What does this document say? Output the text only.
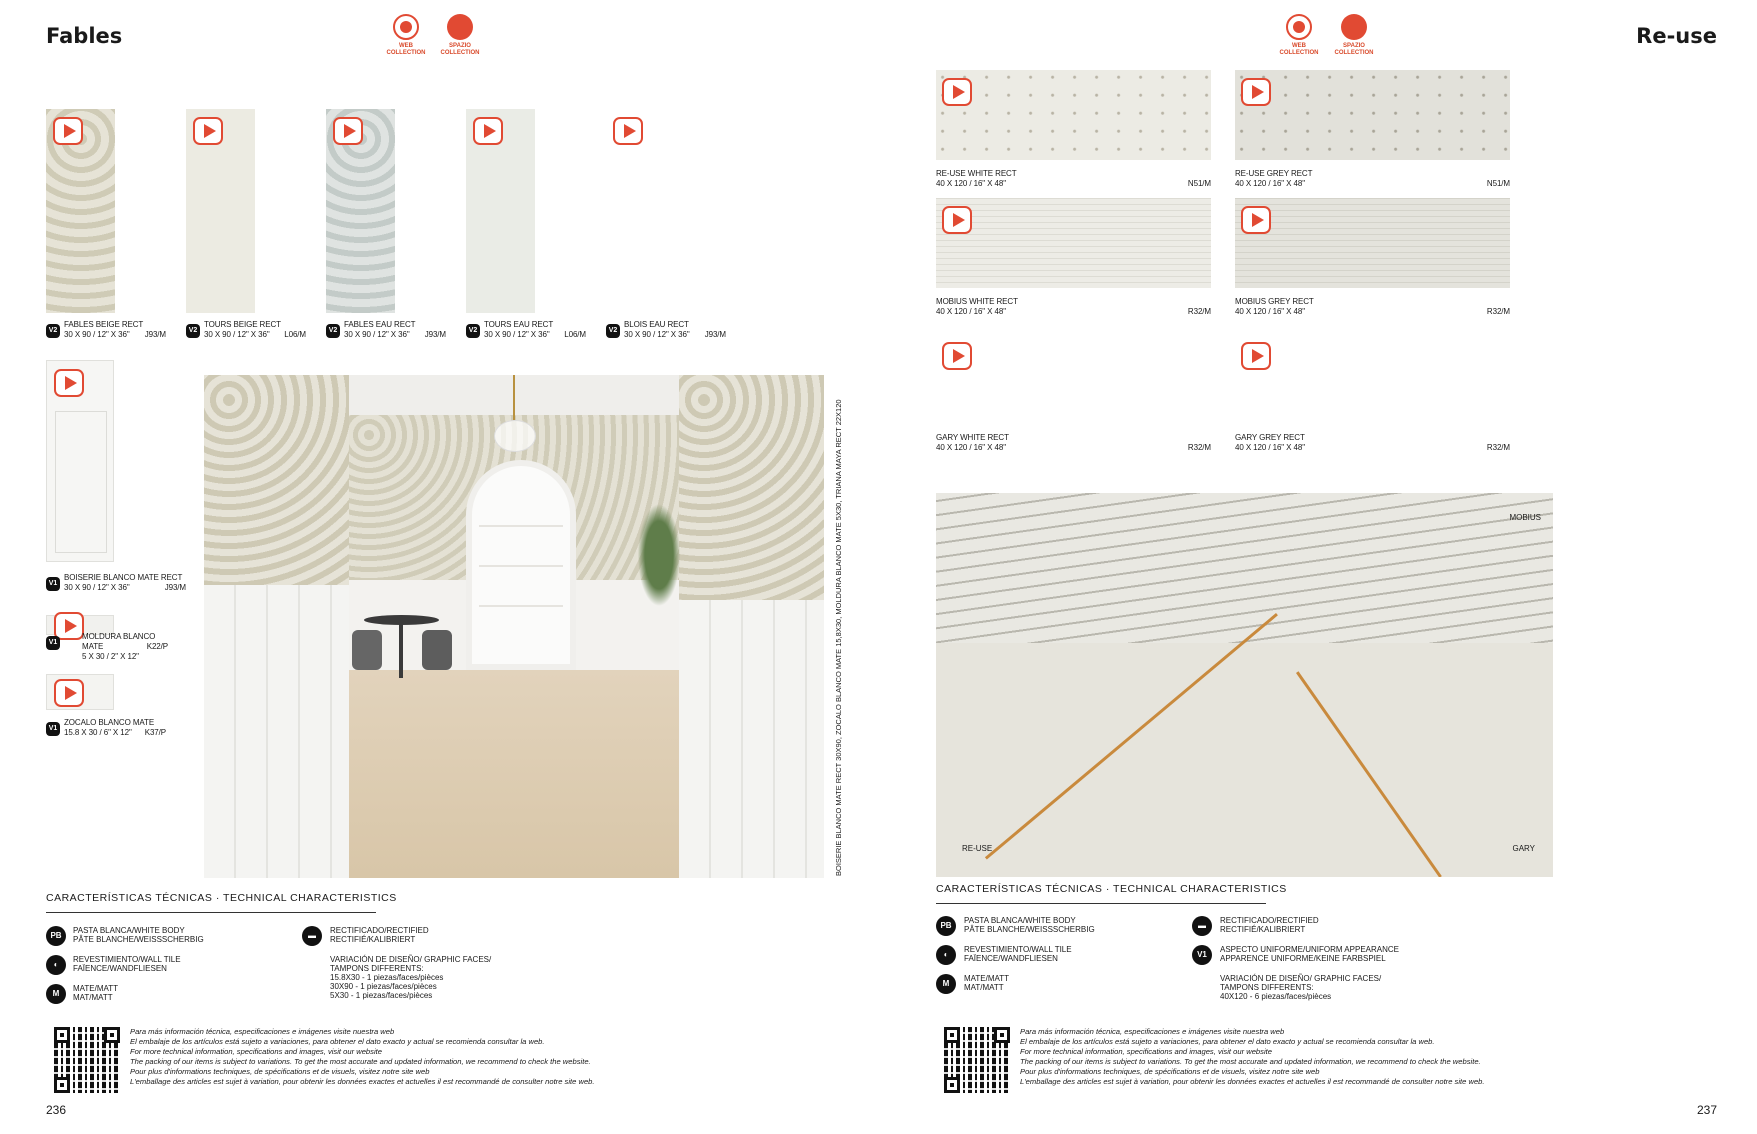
Fables	WEB COLLECTION
SPAZIO COLLECTION
V2
FABLES BEIGE RECT
30 X 90 / 12" X 36"	J93/M	V2
TOURS BEIGE RECT
30 X 90 / 12" X 36"	L06/M	V2
FABLES EAU RECT
30 X 90 / 12" X 36"	J93/M	V2
TOURS EAU RECT
30 X 90 / 12" X 36"	L06/M	V2
BLOIS EAU RECT
30 X 90 / 12" X 36"	J93/M
V1
BOISERIE BLANCO MATE RECT
30 X 90 / 12" X 36"	J93/M
V1
MOLDURA BLANCO MATE
5 X 30 / 2" X 12"
K22/P
V1
ZOCALO BLANCO MATE
15.8 X 30 / 6" X 12"	K37/P	BOISERIE BLANCO MATE RECT 30X90, ZOCALO BLANCO MATE 15,8X30, MOLDURA BLANCO MATE 5X30, TRIANA MAYA RECT 22X120
CARACTERÍSTICAS TÉCNICAS · TECHNICAL CHARACTERISTICS
PB
PASTA BLANCA/WHITE BODY
PÂTE BLANCHE/WEISSSCHERBIG
◐
REVESTIMIENTO/WALL TILE
FAÏENCE/WANDFLIESEN
M
MATE/MATT
MAT/MATT
▬
RECTIFICADO/RECTIFIED
RECTIFIÉ/KALIBRIERT
VARIACIÓN DE DISEÑO/ GRAPHIC FACES/
TAMPONS DIFFERENTS:
15.8X30 - 1 piezas/faces/pièces
30X90 - 1 piezas/faces/pièces
5X30 - 1 piezas/faces/pièces
Para más información técnica, especificaciones e imágenes visite nuestra web
El embalaje de los artículos está sujeto a variaciones, para obtener el dato exacto y actual se recomienda consultar la web.
For more technical information, specifications and images, visit our website
The packing of our items is subject to variations. To get the most accurate and updated information, we recommend to check the website.
Pour plus d'informations techniques, de spécifications et de visuels, visitez notre site web
L'emballage des articles est sujet à variation, pour obtenir les données exactes et actuelles il est recommandé de consulter notre site web.
236
Re-use
WEB COLLECTION
SPAZIO COLLECTION
RE-USE WHITE RECT
40 X 120 / 16" X 48"	N51/M
RE-USE GREY RECT
40 X 120 / 16" X 48"	N51/M
MOBIUS WHITE RECT
40 X 120 / 16" X 48"	R32/M
MOBIUS GREY RECT
40 X 120 / 16" X 48"	R32/M
GARY WHITE RECT
40 X 120 / 16" X 48"	R32/M
GARY GREY RECT
40 X 120 / 16" X 48"	R32/M
MOBIUS
RE-USE	GARY
CARACTERÍSTICAS TÉCNICAS · TECHNICAL CHARACTERISTICS
PB
PASTA BLANCA/WHITE BODY
PÂTE BLANCHE/WEISSSCHERBIG
◐
REVESTIMIENTO/WALL TILE
FAÏENCE/WANDFLIESEN
M
MATE/MATT
MAT/MATT
▬
RECTIFICADO/RECTIFIED
RECTIFIÉ/KALIBRIERT
V1
ASPECTO UNIFORME/UNIFORM APPEARANCE
APPARENCE UNIFORME/KEINE FARBSPIEL
VARIACIÓN DE DISEÑO/ GRAPHIC FACES/
TAMPONS DIFFERENTS:
40X120 - 6 piezas/faces/pièces
Para más información técnica, especificaciones e imágenes visite nuestra web
El embalaje de los artículos está sujeto a variaciones, para obtener el dato exacto y actual se recomienda consultar la web.
For more technical information, specifications and images, visit our website
The packing of our items is subject to variations. To get the most accurate and updated information, we recommend to check the website.
Pour plus d'informations techniques, de spécifications et de visuels, visitez notre site web
L'emballage des articles est sujet à variation, pour obtenir les données exactes et actuelles il est recommandé de consulter notre site web.
237
